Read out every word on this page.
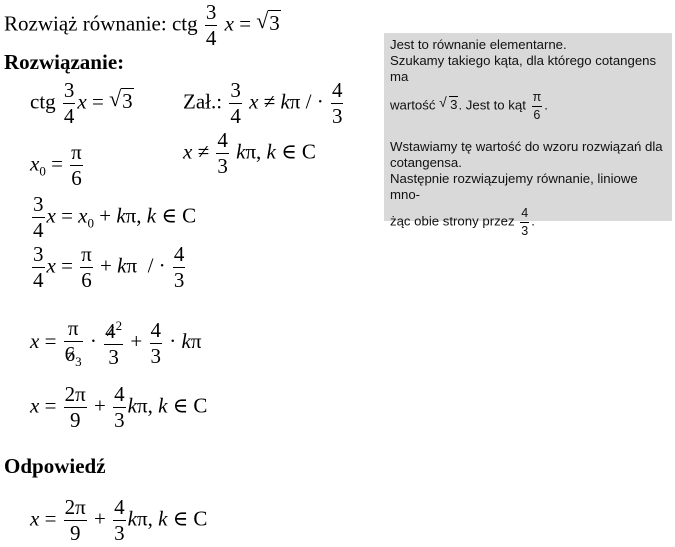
Rozwiąż równanie: ctg $\frac{3}{4}$ x = √ 3
Rozwiązanie:

Jest to równanie elementarne.

Szukamy takiego kąta, dla którego cotangens ma

wartość √ 3. Jest to kąt $\frac{\pi}{6}$ .

Wstawiamy tę wartość do wzoru rozwiązań dla

cotangensa.

Następnie rozwiązujemy równanie, liniowe mno-

żąc obie strony przez $\frac{4}{3}$ .

ctg $\frac{3}{4}$ x = √ 3 Zał.: $\frac{3}{4}$ x ≠ kπ / · $\frac{4}{3}$
$x_0 = \frac{\pi}{6}$	$x \ne \frac{4}{3} k\pi$, k ∈ C
$\frac{3}{4}$ $x = x_0 + k\pi$, k ∈ C
$\frac{3}{4}$ $x = \frac{\pi}{6} + k\pi$ / · $\frac{4}{3}$
$x = \frac{\pi}{6_3} \cdot \frac{4^2}{3} + \frac{4}{3} \cdot k\pi$
$x = \frac{2\pi}{9} + \frac{4}{3} k\pi$, k ∈ C
Odpowiedź
$x = \frac{2\pi}{9} + \frac{4}{3} k\pi$, k ∈ C
